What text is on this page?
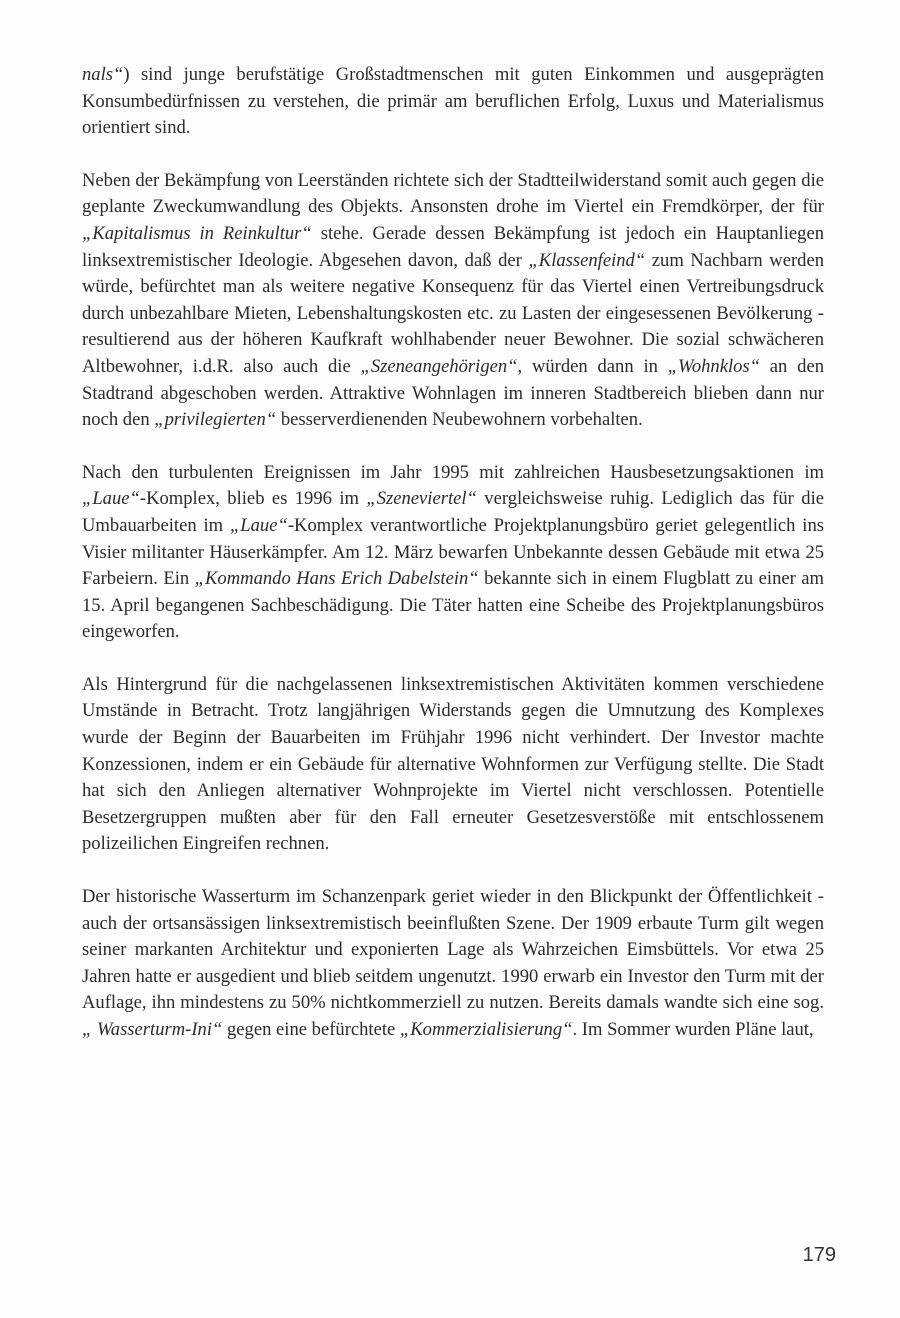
nals“) sind junge berufstätige Großstadtmenschen mit guten Einkommen und ausgeprägten Konsumbedürfnissen zu verstehen, die primär am beruflichen Erfolg, Luxus und Materialismus orientiert sind.

Neben der Bekämpfung von Leerständen richtete sich der Stadtteilwiderstand somit auch gegen die geplante Zweckumwandlung des Objekts. Ansonsten drohe im Viertel ein Fremdkörper, der für „Kapitalismus in Reinkultur“ stehe. Gerade dessen Bekämpfung ist jedoch ein Hauptanliegen linksextremistischer Ideologie. Abgesehen davon, daß der „Klassenfeind“ zum Nachbarn werden würde, befürchtet man als weitere negative Konsequenz für das Viertel einen Vertreibungsdruck durch unbezahlbare Mieten, Lebenshaltungskosten etc. zu Lasten der eingesessenen Bevölkerung - resultierend aus der höheren Kaufkraft wohlhabender neuer Bewohner. Die sozial schwächeren Altbewohner, i.d.R. also auch die „Szeneangehörigen“, würden dann in „Wohnklos“ an den Stadtrand abgeschoben werden. Attraktive Wohnlagen im inneren Stadtbereich blieben dann nur noch den „privilegierten“ besserverdienenden Neubewohnern vorbehalten.

Nach den turbulenten Ereignissen im Jahr 1995 mit zahlreichen Hausbesetzungsaktionen im „Laue“-Komplex, blieb es 1996 im „Szeneviertel“ vergleichsweise ruhig. Lediglich das für die Umbauarbeiten im „Laue“-Komplex verantwortliche Projektplanungsbüro geriet gelegentlich ins Visier militanter Häuserkämpfer. Am 12. März bewarfen Unbekannte dessen Gebäude mit etwa 25 Farbeiern. Ein „Kommando Hans Erich Dabelstein“ bekannte sich in einem Flugblatt zu einer am 15. April begangenen Sachbeschädigung. Die Täter hatten eine Scheibe des Projektplanungsbüros eingeworfen.

Als Hintergrund für die nachgelassenen linksextremistischen Aktivitäten kommen verschiedene Umstände in Betracht. Trotz langjährigen Widerstands gegen die Umnutzung des Komplexes wurde der Beginn der Bauarbeiten im Frühjahr 1996 nicht verhindert. Der Investor machte Konzessionen, indem er ein Gebäude für alternative Wohnformen zur Verfügung stellte. Die Stadt hat sich den Anliegen alternativer Wohnprojekte im Viertel nicht verschlossen. Potentielle Besetzergruppen mußten aber für den Fall erneuter Gesetzesverstöße mit entschlossenem polizeilichen Eingreifen rechnen.

Der historische Wasserturm im Schanzenpark geriet wieder in den Blickpunkt der Öffentlichkeit - auch der ortsansässigen linksextremistisch beeinflußten Szene. Der 1909 erbaute Turm gilt wegen seiner markanten Architektur und exponierten Lage als Wahrzeichen Eimsbüttels. Vor etwa 25 Jahren hatte er ausgedient und blieb seitdem ungenutzt. 1990 erwarb ein Investor den Turm mit der Auflage, ihn mindestens zu 50% nichtkommerziell zu nutzen. Bereits damals wandte sich eine sog. „ Wasserturm-Ini“ gegen eine befürchtete „Kommerzialisierung“. Im Sommer wurden Pläne laut,

179
